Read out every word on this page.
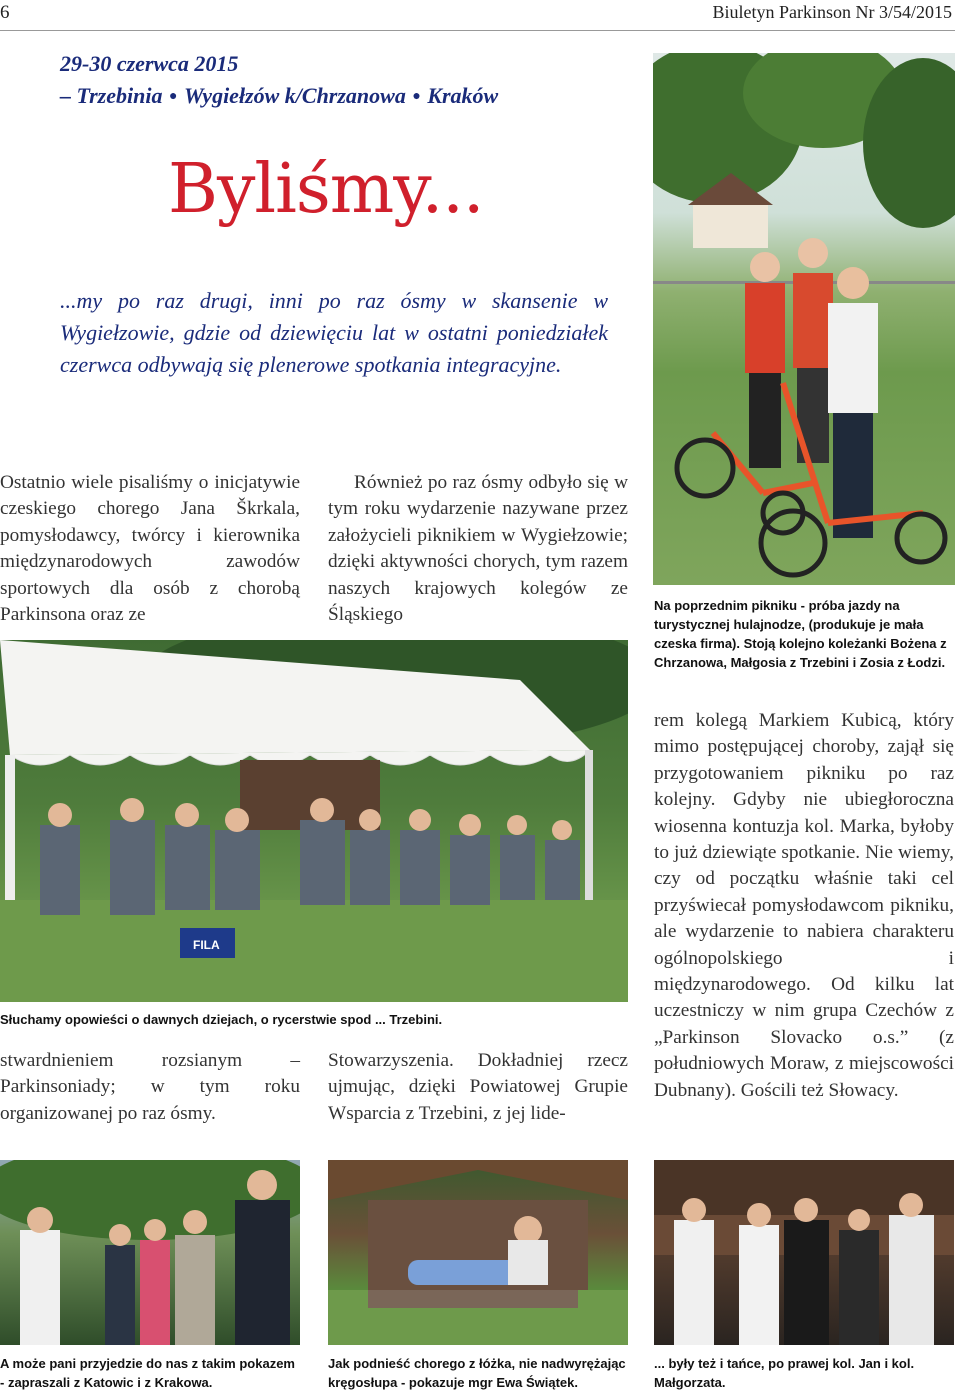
6	Biuletyn Parkinson Nr 3/54/2015
29-30 czerwca 2015
– Trzebinia ● Wygiełzów k/Chrzanowa ● Kraków
Byliśmy...
...my po raz drugi, inni po raz ósmy w skansenie w Wygiełzowie, gdzie od dziewięciu lat w ostatni poniedziałek czerwca odbywają się plenerowe spotkania integracyjne.

Ostatnio wiele pisaliśmy o inicjatywie czeskiego chorego Jana Škrkala, pomysłodawcy, twórcy i kierownika międzynarodowych zawodów sportowych dla osób z chorobą Parkinsona oraz ze

stwardnieniem rozsianym – Parkinsoniady; w tym roku organizowanej po raz ósmy.

Również po raz ósmy odbyło się w tym roku wydarzenie nazywane przez założycieli piknikiem w Wygiełzowie; dzięki aktywności chorych, tym razem naszych krajowych kolegów ze Śląskiego

Stowarzyszenia. Dokładniej rzecz ujmując, dzięki Powiatowej Grupie Wsparcia z Trzebini, z jej lide-

rem kolegą Markiem Kubicą, który mimo postępującej choroby, zajął się przygotowaniem pikniku po raz kolejny. Gdyby nie ubiegłoroczna wiosenna kontuzja kol. Marka, byłoby to już dziewiąte spotkanie. Nie wiemy, czy od początku właśnie taki cel przyświecał pomysłodawcom pikniku, ale wydarzenie to nabiera charakteru ogólnopolskiego i międzynarodowego. Od kilku lat uczestniczy w nim grupa Czechów z „Parkinson Slovacko o.s.” (z południowych Moraw, z miejscowości Dubnany). Gościli też Słowacy.

Na poprzednim pikniku - próba jazdy na turystycznej hulajnodze, (produkuje je mała czeska firma). Stoją kolejno koleżanki Bożena z Chrzanowa, Małgosia z Trzebini i Zosia z Łodzi.
FILA
Słuchamy opowieści o dawnych dziejach, o rycerstwie spod ... Trzebini.
A może pani przyjedzie do nas z takim pokazem - zapraszali z Katowic i z Krakowa.
Jak podnieść chorego z łóżka, nie nadwyrężając kręgosłupa - pokazuje mgr Ewa Świątek.
... były też i tańce, po prawej kol. Jan i kol. Małgorzata.
